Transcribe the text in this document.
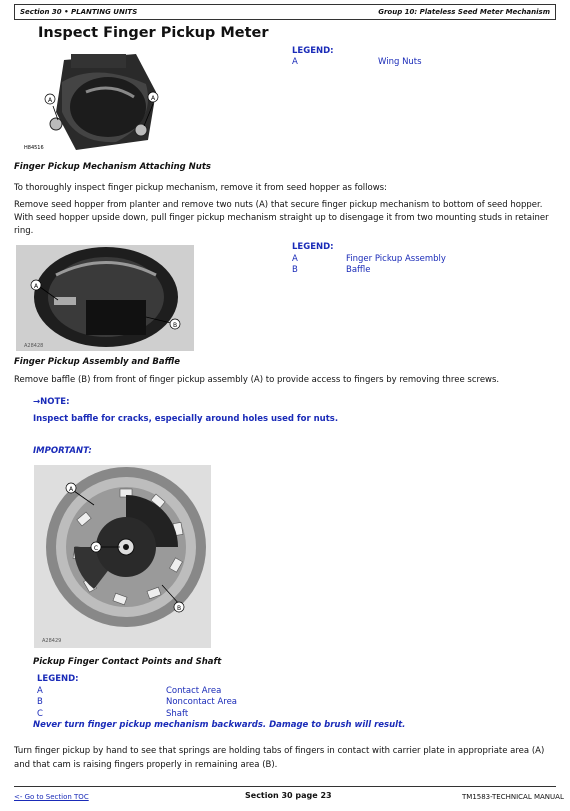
Section 30 • PLANTING UNITS	Group 10: Plateless Seed Meter Mechanism
Inspect Finger Pickup Meter
A	A
H84516
LEGEND:
A	Wing Nuts
Finger Pickup Mechanism Attaching Nuts
To thoroughly inspect finger pickup mechanism, remove it from seed hopper as follows:
Remove seed hopper from planter and remove two nuts (A) that secure finger pickup mechanism to bottom of seed hopper.
With seed hopper upside down, pull finger pickup mechanism straight up to disengage it from two mounting studs in retainer
ring.
A
B
A28428
LEGEND:
A	Finger Pickup Assembly
B	Baffle
Finger Pickup Assembly and Baffle
Remove baffle (B) from front of finger pickup assembly (A) to provide access to fingers by removing three screws.
→NOTE:
Inspect baffle for cracks, especially around holes used for nuts.
IMPORTANT:
A
C
B
A28429
Pickup Finger Contact Points and Shaft
LEGEND:
A	Contact Area
B	Noncontact Area
C	Shaft
Never turn finger pickup mechanism backwards. Damage to brush will result.
Turn finger pickup by hand to see that springs are holding tabs of fingers in contact with carrier plate in appropriate area (A)
and that cam is raising fingers properly in remaining area (B).
<- Go to Section TOC	Section 30 page 23	TM1583-TECHNICAL MANUAL
